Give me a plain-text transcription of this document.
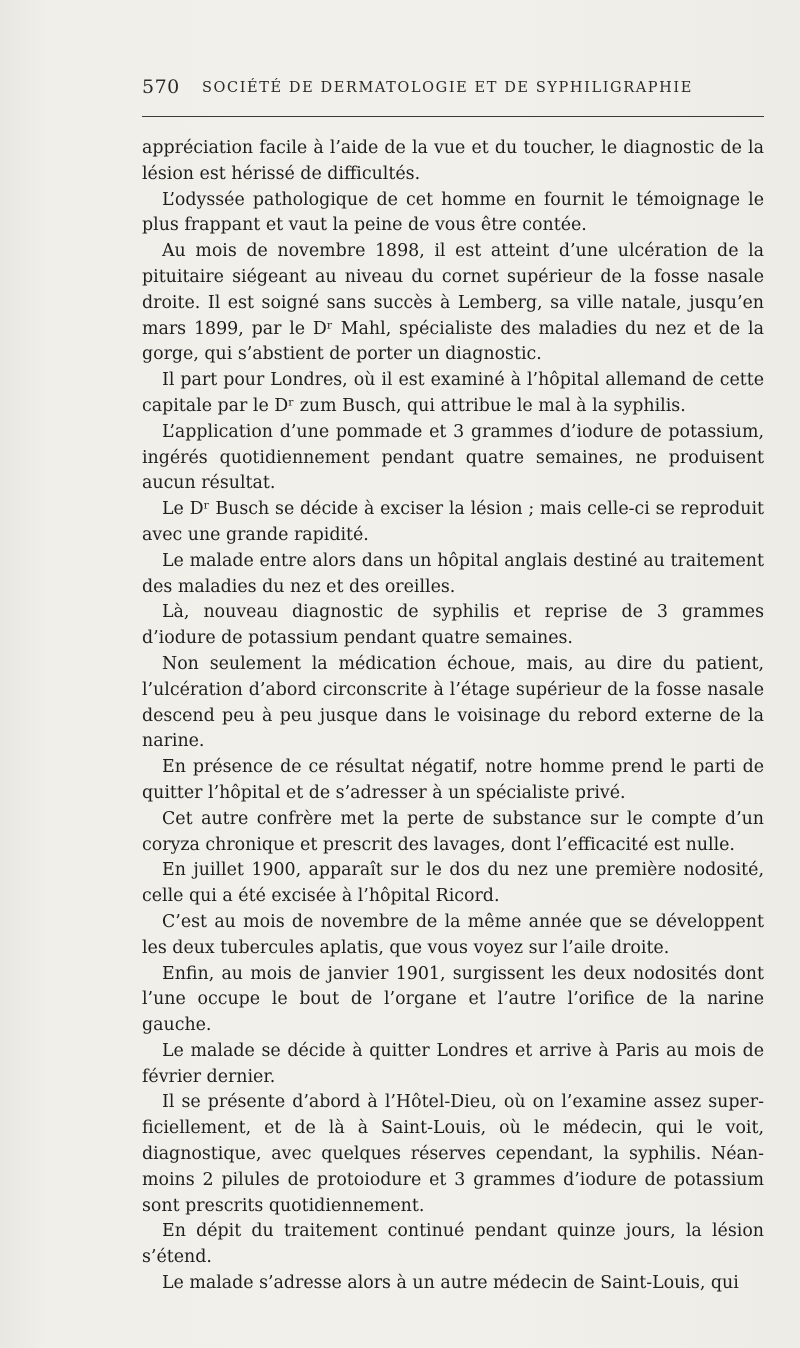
570 SOCIÉTÉ DE DERMATOLOGIE ET DE SYPHILIGRAPHIE

appréciation facile à l’aide de la vue et du toucher, le diagnostic de la lésion est hérissé de difficultés.

L’odyssée pathologique de cet homme en fournit le témoignage le plus frappant et vaut la peine de vous être contée.

Au mois de novembre 1898, il est atteint d’une ulcération de la pituitaire siégeant au niveau du cornet supérieur de la fosse nasale droite. Il est soigné sans succès à Lemberg, sa ville natale, jusqu’en mars 1899, par le Dʳ Mahl, spécialiste des maladies du nez et de la gorge, qui s’abstient de porter un diagnostic.

Il part pour Londres, où il est examiné à l’hôpital allemand de cette capitale par le Dʳ zum Busch, qui attribue le mal à la syphilis.

L’application d’une pommade et 3 grammes d’iodure de potassium, ingérés quotidiennement pendant quatre semaines, ne produisent aucun résultat.

Le Dʳ Busch se décide à exciser la lésion ; mais celle-ci se reproduit avec une grande rapidité.

Le malade entre alors dans un hôpital anglais destiné au traitement des maladies du nez et des oreilles.

Là, nouveau diagnostic de syphilis et reprise de 3 grammes d’iodure de potassium pendant quatre semaines.

Non seulement la médication échoue, mais, au dire du patient, l’ulcération d’abord circonscrite à l’étage supérieur de la fosse nasale descend peu à peu jusque dans le voisinage du rebord externe de la narine.

En présence de ce résultat négatif, notre homme prend le parti de quitter l’hôpital et de s’adresser à un spécialiste privé.

Cet autre confrère met la perte de substance sur le compte d’un coryza chronique et prescrit des lavages, dont l’efficacité est nulle.

En juillet 1900, apparaît sur le dos du nez une première nodosité, celle qui a été excisée à l’hôpital Ricord.

C’est au mois de novembre de la même année que se développent les deux tubercules aplatis, que vous voyez sur l’aile droite.

Enfin, au mois de janvier 1901, surgissent les deux nodosités dont l’une occupe le bout de l’organe et l’autre l’orifice de la narine gauche.

Le malade se décide à quitter Londres et arrive à Paris au mois de février dernier.

Il se présente d’abord à l’Hôtel-Dieu, où on l’examine assez superficiellement, et de là à Saint-Louis, où le médecin, qui le voit, diagnostique, avec quelques réserves cependant, la syphilis. Néanmoins 2 pilules de protoiodure et 3 grammes d’iodure de potassium sont prescrits quotidiennement.

En dépit du traitement continué pendant quinze jours, la lésion s’étend.

Le malade s’adresse alors à un autre médecin de Saint-Louis, qui
